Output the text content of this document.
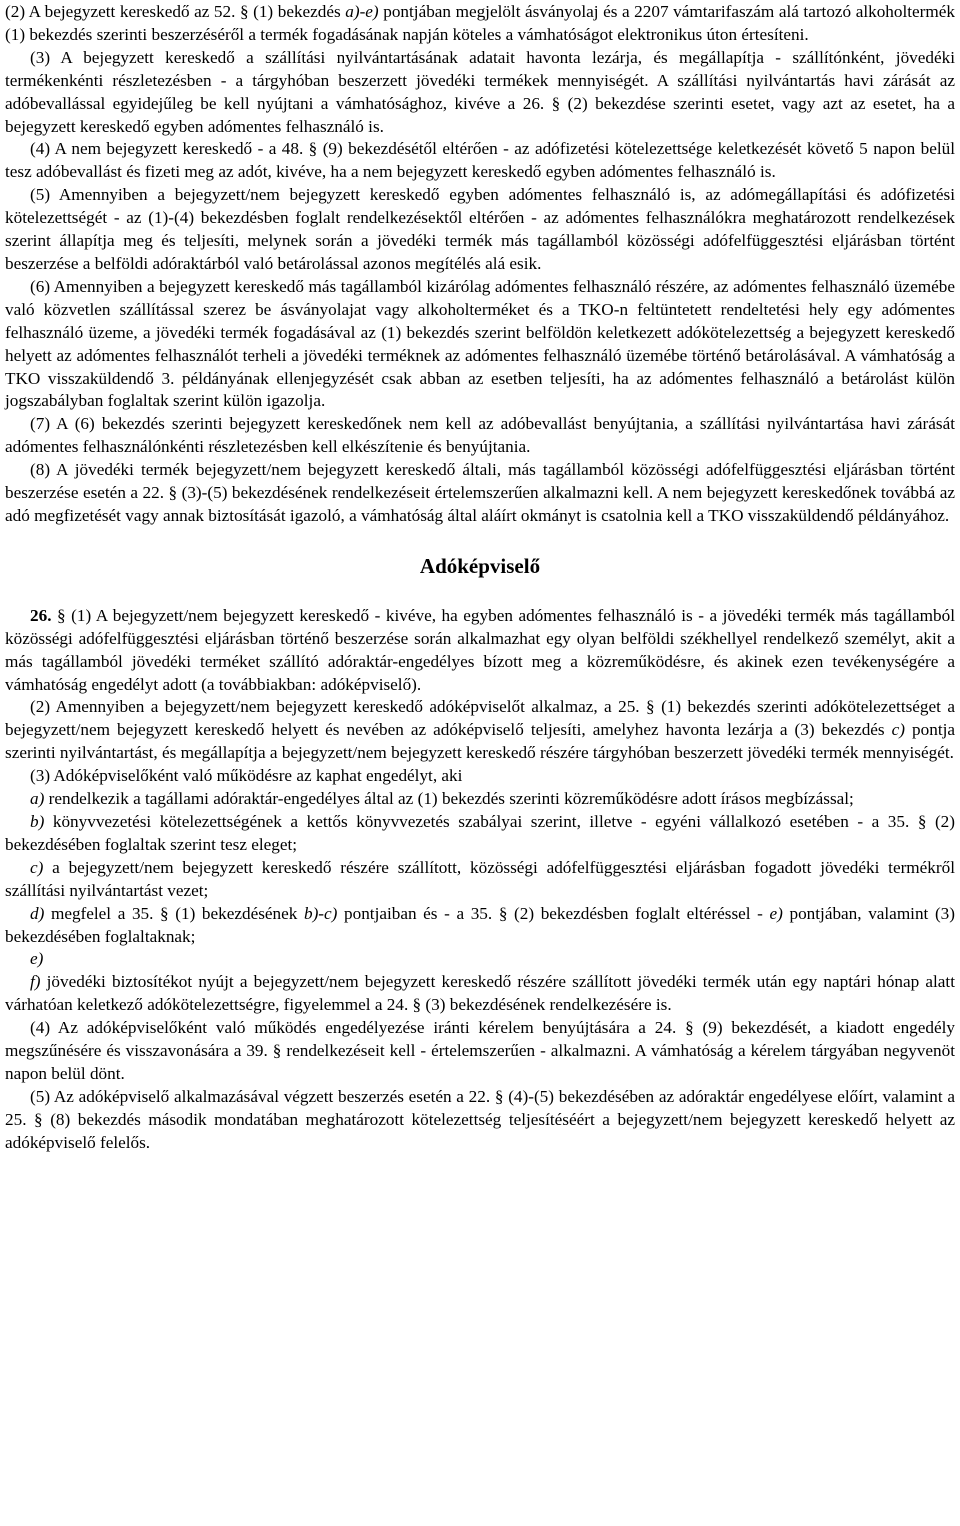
(2) A bejegyzett kereskedő az 52. § (1) bekezdés a)-e) pontjában megjelölt ásványolaj és a 2207 vámtarifaszám alá tartozó alkoholtermék (1) bekezdés szerinti beszerzéséről a termék fogadásának napján köteles a vámhatóságot elektronikus úton értesíteni.

(3) A bejegyzett kereskedő a szállítási nyilvántartásának adatait havonta lezárja, és megállapítja - szállítónként, jövedéki termékenkénti részletezésben - a tárgyhóban beszerzett jövedéki termékek mennyiségét. A szállítási nyilvántartás havi zárását az adóbevallással egyidejűleg be kell nyújtani a vámhatósághoz, kivéve a 26. § (2) bekezdése szerinti esetet, vagy azt az esetet, ha a bejegyzett kereskedő egyben adómentes felhasználó is.

(4) A nem bejegyzett kereskedő - a 48. § (9) bekezdésétől eltérően - az adófizetési kötelezettsége keletkezését követő 5 napon belül tesz adóbevallást és fizeti meg az adót, kivéve, ha a nem bejegyzett kereskedő egyben adómentes felhasználó is.

(5) Amennyiben a bejegyzett/nem bejegyzett kereskedő egyben adómentes felhasználó is, az adómegállapítási és adófizetési kötelezettségét - az (1)-(4) bekezdésben foglalt rendelkezésektől eltérően - az adómentes felhasználókra meghatározott rendelkezések szerint állapítja meg és teljesíti, melynek során a jövedéki termék más tagállamból közösségi adófelfüggesztési eljárásban történt beszerzése a belföldi adóraktárból való betárolással azonos megítélés alá esik.

(6) Amennyiben a bejegyzett kereskedő más tagállamból kizárólag adómentes felhasználó részére, az adómentes felhasználó üzemébe való közvetlen szállítással szerez be ásványolajat vagy alkoholterméket és a TKO-n feltüntetett rendeltetési hely egy adómentes felhasználó üzeme, a jövedéki termék fogadásával az (1) bekezdés szerint belföldön keletkezett adókötelezettség a bejegyzett kereskedő helyett az adómentes felhasználót terheli a jövedéki terméknek az adómentes felhasználó üzemébe történő betárolásával. A vámhatóság a TKO visszaküldendő 3. példányának ellenjegyzését csak abban az esetben teljesíti, ha az adómentes felhasználó a betárolást külön jogszabályban foglaltak szerint külön igazolja.

(7) A (6) bekezdés szerinti bejegyzett kereskedőnek nem kell az adóbevallást benyújtania, a szállítási nyilvántartása havi zárását adómentes felhasználónkénti részletezésben kell elkészítenie és benyújtania.

(8) A jövedéki termék bejegyzett/nem bejegyzett kereskedő általi, más tagállamból közösségi adófelfüggesztési eljárásban történt beszerzése esetén a 22. § (3)-(5) bekezdésének rendelkezéseit értelemszerűen alkalmazni kell. A nem bejegyzett kereskedőnek továbbá az adó megfizetését vagy annak biztosítását igazoló, a vámhatóság által aláírt okmányt is csatolnia kell a TKO visszaküldendő példányához.

Adóképviselő

26. § (1) A bejegyzett/nem bejegyzett kereskedő - kivéve, ha egyben adómentes felhasználó is - a jövedéki termék más tagállamból közösségi adófelfüggesztési eljárásban történő beszerzése során alkalmazhat egy olyan belföldi székhellyel rendelkező személyt, akit a más tagállamból jövedéki terméket szállító adóraktár-engedélyes bízott meg a közreműködésre, és akinek ezen tevékenységére a vámhatóság engedélyt adott (a továbbiakban: adóképviselő).

(2) Amennyiben a bejegyzett/nem bejegyzett kereskedő adóképviselőt alkalmaz, a 25. § (1) bekezdés szerinti adókötelezettséget a bejegyzett/nem bejegyzett kereskedő helyett és nevében az adóképviselő teljesíti, amelyhez havonta lezárja a (3) bekezdés c) pontja szerinti nyilvántartást, és megállapítja a bejegyzett/nem bejegyzett kereskedő részére tárgyhóban beszerzett jövedéki termék mennyiségét.

(3) Adóképviselőként való működésre az kaphat engedélyt, aki

a) rendelkezik a tagállami adóraktár-engedélyes által az (1) bekezdés szerinti közreműködésre adott írásos megbízással;

b) könyvvezetési kötelezettségének a kettős könyvvezetés szabályai szerint, illetve - egyéni vállalkozó esetében - a 35. § (2) bekezdésében foglaltak szerint tesz eleget;

c) a bejegyzett/nem bejegyzett kereskedő részére szállított, közösségi adófelfüggesztési eljárásban fogadott jövedéki termékről szállítási nyilvántartást vezet;

d) megfelel a 35. § (1) bekezdésének b)-c) pontjaiban és - a 35. § (2) bekezdésben foglalt eltéréssel - e) pontjában, valamint (3) bekezdésében foglaltaknak;

e)

f) jövedéki biztosítékot nyújt a bejegyzett/nem bejegyzett kereskedő részére szállított jövedéki termék után egy naptári hónap alatt várhatóan keletkező adókötelezettségre, figyelemmel a 24. § (3) bekezdésének rendelkezésére is.

(4) Az adóképviselőként való működés engedélyezése iránti kérelem benyújtására a 24. § (9) bekezdését, a kiadott engedély megszűnésére és visszavonására a 39. § rendelkezéseit kell - értelemszerűen - alkalmazni. A vámhatóság a kérelem tárgyában negyvenöt napon belül dönt.

(5) Az adóképviselő alkalmazásával végzett beszerzés esetén a 22. § (4)-(5) bekezdésében az adóraktár engedélyese előírt, valamint a 25. § (8) bekezdés második mondatában meghatározott kötelezettség teljesítéséért a bejegyzett/nem bejegyzett kereskedő helyett az adóképviselő felelős.
